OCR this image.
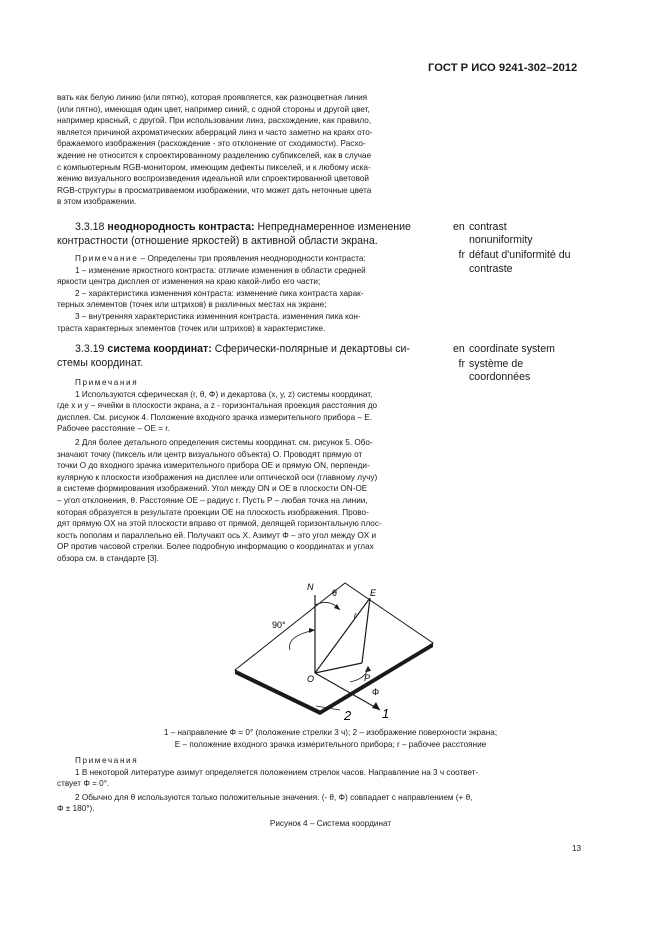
ГОСТ Р ИСО 9241-302–2012

вать как белую линию (или пятно), которая проявляется, как разноцветная линия

(или пятно), имеющая один цвет, например синий, с одной стороны и другой цвет,

например красный, с другой. При использовании линз, расхождение, как правило,

является причиной ахроматических аберраций линз и часто заметно на краях ото-

бражаемого изображения (расхождение - это отклонение от сходимости). Расхо-

ждение не относится к спроектированному разделению субпикселей, как в случае

с компьютерным RGB-монитором, имеющим дефекты пикселей, и к любому иска-

жению визуального воспроизведения идеальной или спроектированной цветовой

RGB-структуры в просматриваемом изображении, что может дать неточные цвета

в этом изображении.

3.3.18 неоднородность контраста: Непреднамеренное изменение

контрастности (отношение яркостей) в активной области экрана.

Примечание – Определены три проявления неоднородности контраста:

1 – изменение яркостного контраста: отличие изменения в области средней

яркости центра дисплея от изменения на краю какой-либо его части;

2 – характеристика изменения контраста: изменение пика контраста харак-

терных элементов (точек или штрихов) в различных местах на экране;

3 – внутренняя характеристика изменения контраста. изменения пика кон-

траста характерных элементов (точек или штрихов) в характеристике.

en contrast

nonuniformity

fr défaut d'uniformité du

contraste

3.3.19 система координат: Сферически-полярные и декартовы си-

стемы координат.

en coordinate system

fr système de

coordonnées

Примечания

1 Используются сферическая (r, θ, Φ) и декартова (x, y, z) системы координат,

где x и y – ячейки в плоскости экрана, а z - горизонтальная проекция расстояния до

дисплея. См. рисунок 4. Положение входного зрачка измерительного прибора – E.

Рабочее расстояние – OE = r.

2 Для более детального определения системы координат. см. рисунок 5. Обо-

значают точку (пиксель или центр визуального объекта) O. Проводят прямую от

точки O до входного зрачка измерительного прибора OE и прямую ON, перпенди-

кулярную к плоскости изображения на дисплее или оптической оси (главному лучу)

в системе формирования изображений. Угол между ON и OE в плоскости ON-OE

– угол отклонения, θ. Расстояние OE – радиус r. Пусть P – любая точка на линии,

которая образуется в результате проекции OE на плоскость изображения. Прово-

дят прямую OX на этой плоскости вправо от прямой, делящей горизонтальную плос-

кость пополам и параллельно ей. Получают ось X. Азимут Φ – это угол между OX и

OP против часовой стрелки. Более подробную информацию о координатах и углах

обзора см. в стандарте [3].

N
θ	E
r
90°
O	P
Φ
1
2

1 – направление Φ = 0° (положение стрелки 3 ч); 2 – изображение поверхности экрана;

E – положение входного зрачка измерительного прибора; r – рабочее расстояние

Примечания

1 В некоторой литературе азимут определяется положением стрелок часов. Направление на 3 ч соответ-

ствует Φ = 0°.

2 Обычно для θ используются только положительные значения. (- θ, Φ) совпадает с направлением (+ θ,

Φ ± 180°).

Рисунок 4 – Система координат
13
